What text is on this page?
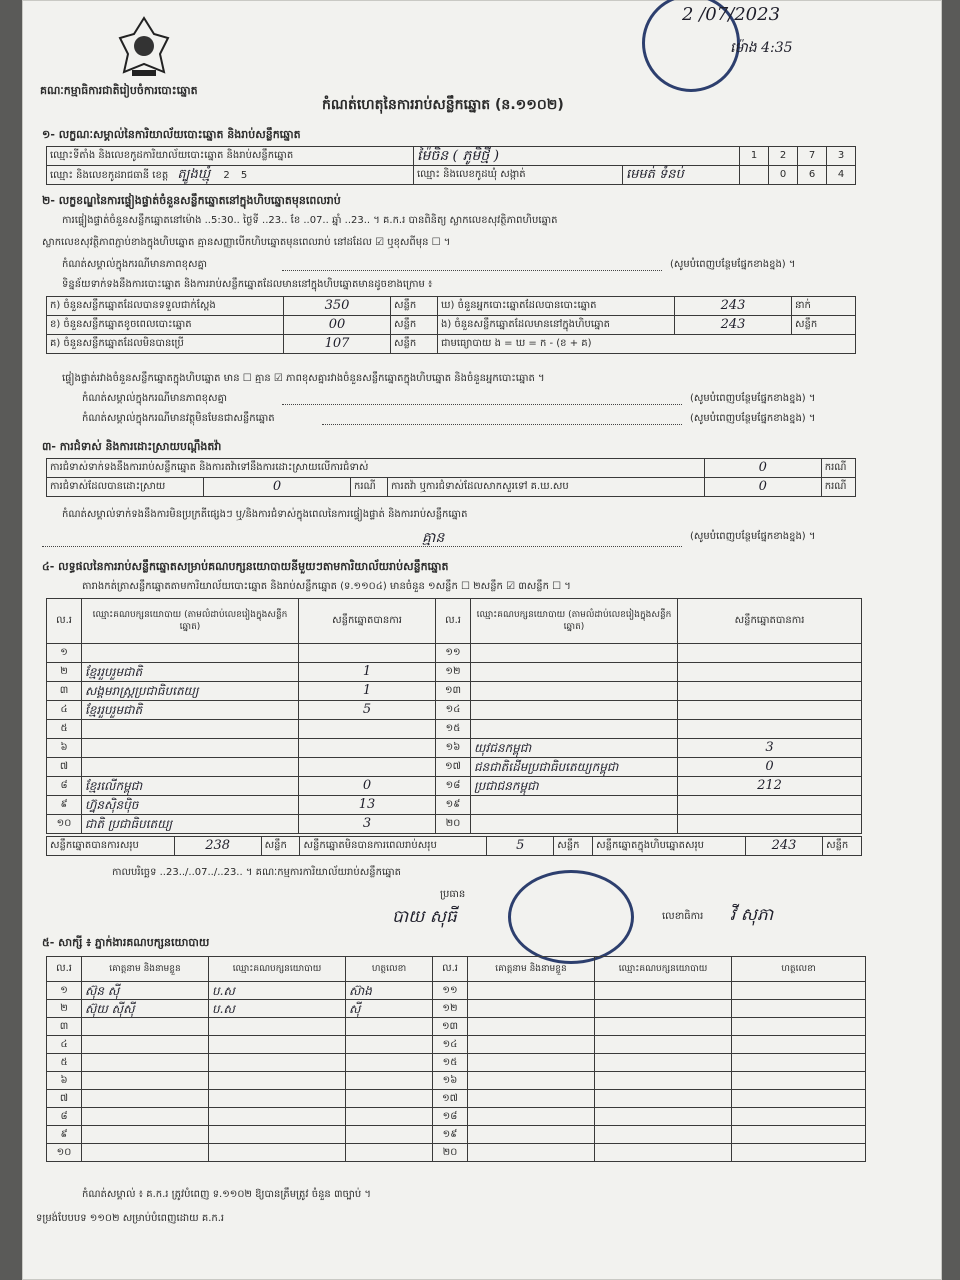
គណៈកម្មាធិការជាតិរៀបចំការបោះឆ្នោត
2 /07/2023
ម៉ោង 4:35
កំណត់ហេតុនៃការរាប់សន្លឹកឆ្នោត (ន.១១០២)
១- លក្ខណៈសម្គាល់នៃការិយាល័យបោះឆ្នោត និងរាប់សន្លឹកឆ្នោត
ឈ្មោះទីតាំង និងលេខកូដការិយាល័យបោះឆ្នោត និងរាប់សន្លឹកឆ្នោត	ម៉ៃចិន ( ភូមិថ្មី )		1	2	7	3
ឈ្មោះ និងលេខកូដរាជធានី ខេត្ត ត្បូងឃ្មុំ 2 5	ឈ្មោះ និងលេខកូដឃុំ សង្កាត់	មេមត់ ទំនប់		0	6	4
២- លក្ខខណ្ឌនៃការផ្ទៀងផ្ទាត់ចំនួនសន្លឹកឆ្នោតនៅក្នុងហិបឆ្នោតមុនពេលរាប់
ការផ្ទៀងផ្ទាត់ចំនួនសន្លឹកឆ្នោតនៅម៉ោង ..5:30.. ថ្ងៃទី ..23.. ខែ ..07.. ឆ្នាំ ..23.. ។ គ.ក.រ បានពិនិត្យ ស្លាកលេខសុវត្ថិភាពហិបឆ្នោត
ស្លាកលេខសុវត្ថិភាពភ្ជាប់ខាងក្នុងហិបឆ្នោត គ្មានសញ្ញាបើកហិបឆ្នោតមុនពេលរាប់ នៅដដែល ☑ ឬខុសពីមុន ☐ ។
កំណត់សម្គាល់ក្នុងករណីមានភាពខុសគ្នា	(សូមបំពេញបន្ថែមផ្នែកខាងខ្នង) ។
ទិន្នន័យទាក់ទងនឹងការបោះឆ្នោត និងការរាប់សន្លឹកឆ្នោតដែលមាននៅក្នុងហិបឆ្នោតមានដូចខាងក្រោម ៖
ក) ចំនួនសន្លឹកឆ្នោតដែលបានទទួលជាក់ស្តែង	350	សន្លឹក	ឃ) ចំនួនអ្នកបោះឆ្នោតដែលបានបោះឆ្នោត	243	នាក់
ខ) ចំនួនសន្លឹកឆ្នោតខូចពេលបោះឆ្នោត	00	សន្លឹក	ង) ចំនួនសន្លឹកឆ្នោតដែលមាននៅក្នុងហិបឆ្នោត	243	សន្លឹក
គ) ចំនួនសន្លឹកឆ្នោតដែលមិនបានប្រើ	107	សន្លឹក	ជាមធ្យោបាយ ង = ឃ = ក - (ខ + គ)		
ផ្ទៀងផ្ទាត់រវាងចំនួនសន្លឹកឆ្នោតក្នុងហិបឆ្នោត មាន ☐ គ្មាន ☑ ភាពខុសគ្នារវាងចំនួនសន្លឹកឆ្នោតក្នុងហិបឆ្នោត និងចំនួនអ្នកបោះឆ្នោត ។
កំណត់សម្គាល់ក្នុងករណីមានភាពខុសគ្នា	(សូមបំពេញបន្ថែមផ្នែកខាងខ្នង) ។
កំណត់សម្គាល់ក្នុងករណីមានវត្ថុមិនមែនជាសន្លឹកឆ្នោត	(សូមបំពេញបន្ថែមផ្នែកខាងខ្នង) ។
៣- ការជំទាស់ និងការដោះស្រាយបណ្តឹងតវ៉ា
ការជំទាស់ទាក់ទងនឹងការរាប់សន្លឹកឆ្នោត និងការតវ៉ាទៅនឹងការដោះស្រាយលើការជំទាស់				0	ករណី
ការជំទាស់ដែលបានដោះស្រាយ	0	ករណី	ការតវ៉ា ឬការជំទាស់ដែលសាកសួរទៅ គ.ឃ.សប	0	ករណី
កំណត់សម្គាល់ទាក់ទងនឹងការមិនប្រក្រតីផ្សេងៗ ឬ/និងការជំទាស់ក្នុងពេលនៃការផ្ទៀងផ្ទាត់ និងការរាប់សន្លឹកឆ្នោត
គ្មាន	(សូមបំពេញបន្ថែមផ្នែកខាងខ្នង) ។
៤- លទ្ធផលនៃការរាប់សន្លឹកឆ្នោតសម្រាប់គណបក្សនយោបាយនីមួយៗតាមការិយាល័យរាប់សន្លឹកឆ្នោត
តារាងកត់ត្រាសន្លឹកឆ្នោតតាមការិយាល័យបោះឆ្នោត និងរាប់សន្លឹកឆ្នោត (ទ.១១០៤) មានចំនួន ១សន្លឹក ☐ ២សន្លឹក ☑ ៣សន្លឹក ☐ ។
ល.រ	ឈ្មោះគណបក្សនយោបាយ (តាមលំដាប់លេខរៀងក្នុងសន្លឹកឆ្នោត)	សន្លឹកឆ្នោតបានការ	ល.រ	ឈ្មោះគណបក្សនយោបាយ (តាមលំដាប់លេខរៀងក្នុងសន្លឹកឆ្នោត)	សន្លឹកឆ្នោតបានការ
១			១១		
២	ខ្មែររួបរួមជាតិ	1	១២		
៣	សង្គមរាស្ត្រប្រជាធិបតេយ្យ	1	១៣		
៤	ខ្មែររួបរួមជាតិ	5	១៤		
៥			១៥		
៦			១៦	យុវជនកម្ពុជា	3
៧			១៧	ជនជាតិដើមប្រជាធិបតេយ្យកម្ពុជា	0
៨	ខ្មែរលើកម្ពុជា	0	១៨	ប្រជាជនកម្ពុជា	212
៩	ហ្វ៊ុនស៊ិនប៉ិច	13	១៩		
១០	ជាតិ ប្រជាធិបតេយ្យ	3	២០		
សន្លឹកឆ្នោតបានការសរុប	238	សន្លឹក	សន្លឹកឆ្នោតមិនបានការពេលរាប់សរុប	5	សន្លឹក	សន្លឹកឆ្នោតក្នុងហិបឆ្នោតសរុប	243	សន្លឹក
កាលបរិច្ឆេទ ..23../..07../..23.. ។ គណៈកម្មការការិយាល័យរាប់សន្លឹកឆ្នោត
ប្រធាន
បាយ សុធី	លេខាធិការ វី សុភា
៥- សាក្សី ៖ ភ្នាក់ងារគណបក្សនយោបាយ
ល.រ	គោត្តនាម និងនាមខ្លួន	ឈ្មោះគណបក្សនយោបាយ	ហត្ថលេខា	ល.រ	គោត្តនាម និងនាមខ្លួន	ឈ្មោះគណបក្សនយោបាយ	ហត្ថលេខា
១	ស៊ុន ស៊ី	ប.ស	ស៊ាង	១១			
២	ស៊ុយ ស៊ីស៊ី	ប.ស	ស៊ី	១២			
៣				១៣			
៤				១៤			
៥				១៥			
៦				១៦			
៧				១៧			
៨				១៨			
៩				១៩			
១០				២០			
កំណត់សម្គាល់ ៖ គ.ក.រ ត្រូវបំពេញ ទ.១១០២ ឱ្យបានត្រឹមត្រូវ ចំនួន ៣ច្បាប់ ។
ទម្រង់បែបបទ ១១០២ សម្រាប់បំពេញដោយ គ.ក.រ
